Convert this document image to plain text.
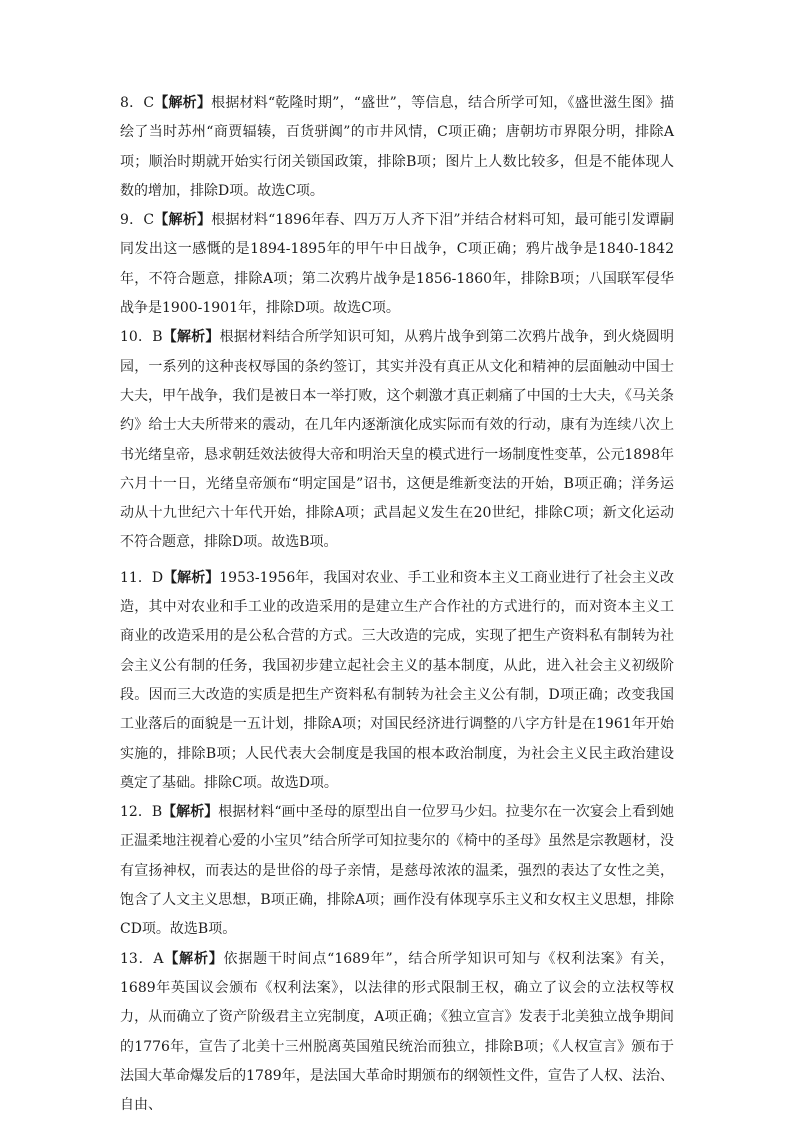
8．C【解析】根据材料“乾隆时期”，“盛世”，等信息，结合所学可知，《盛世滋生图》描绘了当时苏州“商贾辐辏，百货骈阗”的市井风情，C项正确；唐朝坊市界限分明，排除A项；顺治时期就开始实行闭关锁国政策，排除B项；图片上人数比较多，但是不能体现人数的增加，排除D项。故选C项。

9．C【解析】根据材料“1896年春、四万万人齐下泪”并结合材料可知，最可能引发谭嗣同发出这一感慨的是1894-1895年的甲午中日战争，C项正确；鸦片战争是1840-1842年，不符合题意，排除A项；第二次鸦片战争是1856-1860年，排除B项；八国联军侵华战争是1900-1901年，排除D项。故选C项。

10．B【解析】根据材料结合所学知识可知，从鸦片战争到第二次鸦片战争，到火烧圆明园，一系列的这种丧权辱国的条约签订，其实并没有真正从文化和精神的层面触动中国士大夫，甲午战争，我们是被日本一举打败，这个刺激才真正刺痛了中国的士大夫，《马关条约》给士大夫所带来的震动，在几年内逐渐演化成实际而有效的行动，康有为连续八次上书光绪皇帝，恳求朝廷效法彼得大帝和明治天皇的模式进行一场制度性变革，公元1898年六月十一日，光绪皇帝颁布“明定国是”诏书，这便是维新变法的开始，B项正确；洋务运动从十九世纪六十年代开始，排除A项；武昌起义发生在20世纪，排除C项；新文化运动不符合题意，排除D项。故选B项。

11．D【解析】1953-1956年，我国对农业、手工业和资本主义工商业进行了社会主义改造，其中对农业和手工业的改造采用的是建立生产合作社的方式进行的，而对资本主义工商业的改造采用的是公私合营的方式。三大改造的完成，实现了把生产资料私有制转为社会主义公有制的任务，我国初步建立起社会主义的基本制度，从此，进入社会主义初级阶段。因而三大改造的实质是把生产资料私有制转为社会主义公有制，D项正确；改变我国工业落后的面貌是一五计划，排除A项；对国民经济进行调整的八字方针是在1961年开始实施的，排除B项；人民代表大会制度是我国的根本政治制度，为社会主义民主政治建设奠定了基础。排除C项。故选D项。

12．B【解析】根据材料“画中圣母的原型出自一位罗马少妇。拉斐尔在一次宴会上看到她正温柔地注视着心爱的小宝贝”结合所学可知拉斐尔的《椅中的圣母》虽然是宗教题材，没有宣扬神权，而表达的是世俗的母子亲情，是慈母浓浓的温柔，强烈的表达了女性之美，饱含了人文主义思想，B项正确，排除A项；画作没有体现享乐主义和女权主义思想，排除CD项。故选B项。

13．A【解析】依据题干时间点“1689年”，结合所学知识可知与《权利法案》有关，1689年英国议会颁布《权利法案》，以法律的形式限制王权，确立了议会的立法权等权力，从而确立了资产阶级君主立宪制度，A项正确；《独立宣言》发表于北美独立战争期间的1776年，宣告了北美十三州脱离英国殖民统治而独立，排除B项；《人权宣言》颁布于法国大革命爆发后的1789年，是法国大革命时期颁布的纲领性文件，宣告了人权、法治、自由、
